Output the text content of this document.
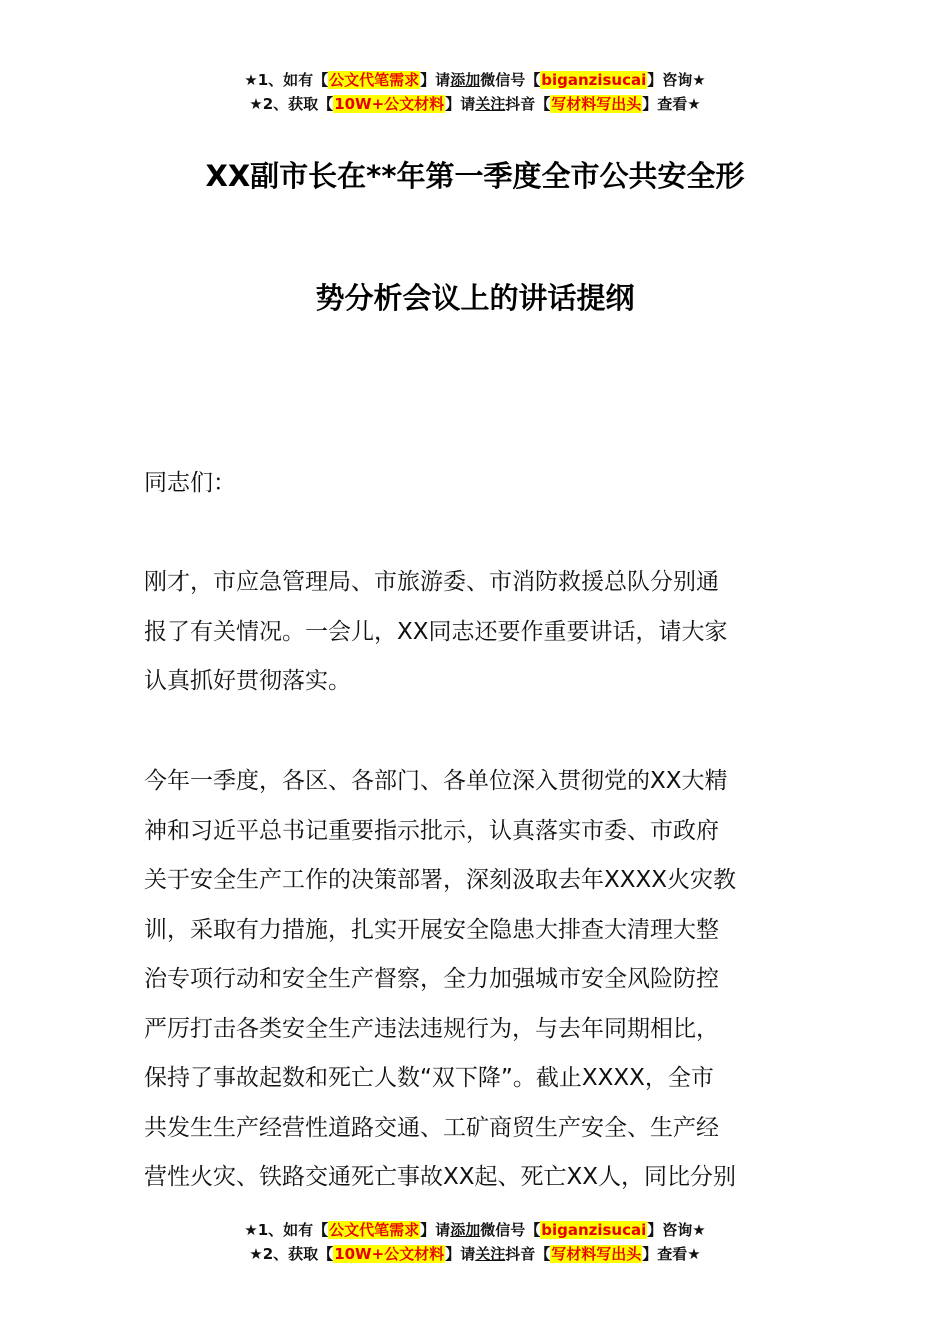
★1、如有【公文代笔需求】请添加微信号【biganzisucai】咨询★
★2、获取【10W+公文材料】请关注抖音【写材料写出头】查看★
XX副市长在**年第一季度全市公共安全形
势分析会议上的讲话提纲

同志们：

刚才，市应急管理局、市旅游委、市消防救援总队分别通
报了有关情况。一会儿，XX同志还要作重要讲话，请大家
认真抓好贯彻落实。

今年一季度，各区、各部门、各单位深入贯彻党的XX大精
神和习近平总书记重要指示批示，认真落实市委、市政府
关于安全生产工作的决策部署，深刻汲取去年XXXX火灾教
训，采取有力措施，扎实开展安全隐患大排查大清理大整
治专项行动和安全生产督察，全力加强城市安全风险防控
严厉打击各类安全生产违法违规行为，与去年同期相比，
保持了事故起数和死亡人数“双下降”。截止XXXX，全市
共发生生产经营性道路交通、工矿商贸生产安全、生产经
营性火灾、铁路交通死亡事故XX起、死亡XX人，同比分别

★1、如有【公文代笔需求】请添加微信号【biganzisucai】咨询★
★2、获取【10W+公文材料】请关注抖音【写材料写出头】查看★
